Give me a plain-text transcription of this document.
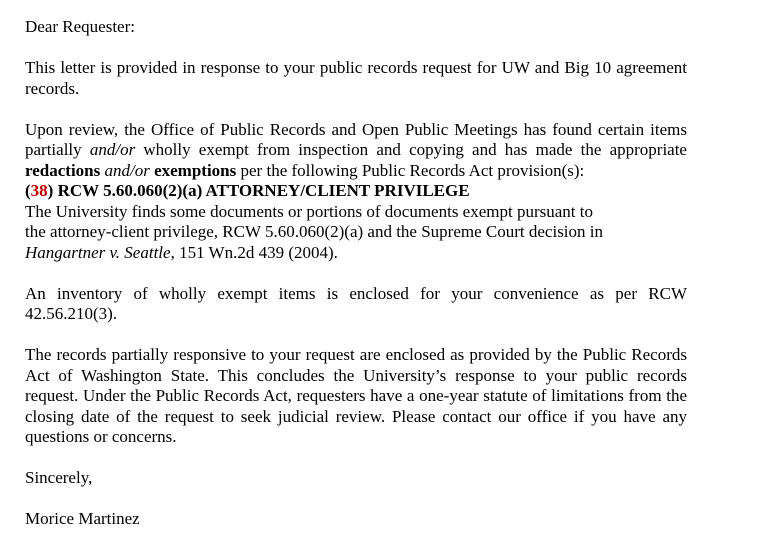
Dear Requester:

This letter is provided in response to your public records request for UW and Big 10 agreement records.

Upon review, the Office of Public Records and Open Public Meetings has found certain items partially and/or wholly exempt from inspection and copying and has made the appropriate redactions and/or exemptions per the following Public Records Act provision(s):
(38) RCW 5.60.060(2)(a) ATTORNEY/CLIENT PRIVILEGE
The University finds some documents or portions of documents exempt pursuant to
the attorney-client privilege, RCW 5.60.060(2)(a) and the Supreme Court decision in
Hangartner v. Seattle, 151 Wn.2d 439 (2004).

An inventory of wholly exempt items is enclosed for your convenience as per RCW 42.56.210(3).

The records partially responsive to your request are enclosed as provided by the Public Records Act of Washington State. This concludes the University’s response to your public records request. Under the Public Records Act, requesters have a one-year statute of limitations from the closing date of the request to seek judicial review. Please contact our office if you have any questions or concerns.

Sincerely,

Morice Martinez
